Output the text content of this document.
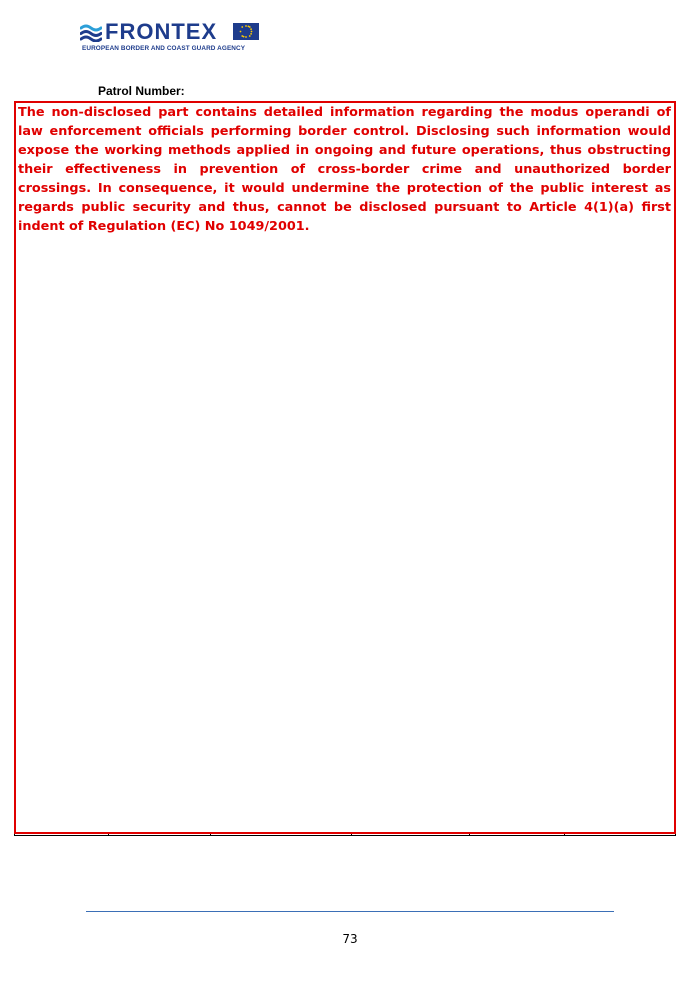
FRONTEX
EUROPEAN BORDER AND COAST GUARD AGENCY
Patrol Number:

The non-disclosed part contains detailed information regarding the modus operandi of law enforcement officials performing border control. Disclosing such information would expose the working methods applied in ongoing and future operations, thus obstructing their effectiveness in prevention of cross-border crime and unauthorized border crossings. In consequence, it would undermine the protection of the public interest as regards public security and thus, cannot be disclosed pursuant to Article 4(1)(a) first indent of Regulation (EC) No 1049/2001.

73
